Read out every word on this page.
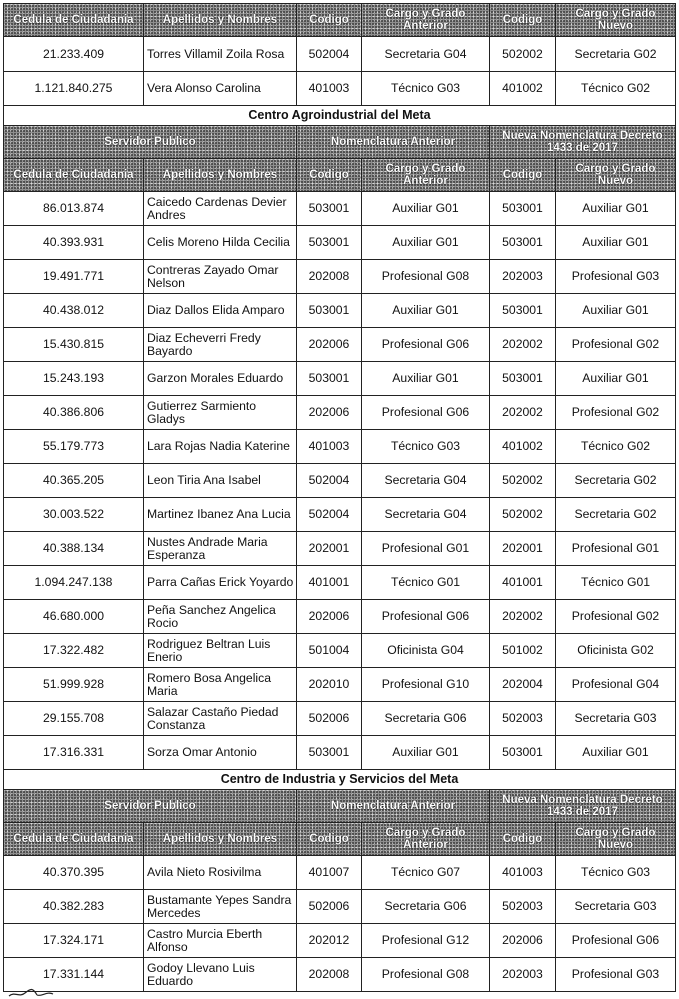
Cedula de Ciudadania	Apellidos y Nombres	Codigo	Cargo y Grado Anterior	Codigo	Cargo y Grado Nuevo
21.233.409	Torres Villamil Zoila Rosa	502004	Secretaria G04	502002	Secretaria G02
1.121.840.275	Vera Alonso Carolina	401003	Técnico G03	401002	Técnico G02
Centro Agroindustrial del Meta					
Servidor Publico		Nomenclatura Anterior		Nueva Nomenclatura Decreto 1433 de 2017	
Cedula de Ciudadania	Apellidos y Nombres	Codigo	Cargo y Grado Anterior	Codigo	Cargo y Grado Nuevo
86.013.874	Caicedo Cardenas Devier Andres	503001	Auxiliar G01	503001	Auxiliar G01
40.393.931	Celis Moreno Hilda Cecilia	503001	Auxiliar G01	503001	Auxiliar G01
19.491.771	Contreras Zayado Omar Nelson	202008	Profesional G08	202003	Profesional G03
40.438.012	Diaz Dallos Elida Amparo	503001	Auxiliar G01	503001	Auxiliar G01
15.430.815	Diaz Echeverri Fredy Bayardo	202006	Profesional G06	202002	Profesional G02
15.243.193	Garzon Morales Eduardo	503001	Auxiliar G01	503001	Auxiliar G01
40.386.806	Gutierrez Sarmiento Gladys	202006	Profesional G06	202002	Profesional G02
55.179.773	Lara Rojas Nadia Katerine	401003	Técnico G03	401002	Técnico G02
40.365.205	Leon Tiria Ana Isabel	502004	Secretaria G04	502002	Secretaria G02
30.003.522	Martinez Ibanez Ana Lucia	502004	Secretaria G04	502002	Secretaria G02
40.388.134	Nustes Andrade Maria Esperanza	202001	Profesional G01	202001	Profesional G01
1.094.247.138	Parra Cañas Erick Yoyardo	401001	Técnico G01	401001	Técnico G01
46.680.000	Peña Sanchez Angelica Rocio	202006	Profesional G06	202002	Profesional G02
17.322.482	Rodriguez Beltran Luis Enerio	501004	Oficinista G04	501002	Oficinista G02
51.999.928	Romero Bosa Angelica Maria	202010	Profesional G10	202004	Profesional G04
29.155.708	Salazar Castaño Piedad Constanza	502006	Secretaria G06	502003	Secretaria G03
17.316.331	Sorza Omar Antonio	503001	Auxiliar G01	503001	Auxiliar G01
Centro de Industria y Servicios del Meta					
Servidor Publico		Nomenclatura Anterior		Nueva Nomenclatura Decreto 1433 de 2017	
Cedula de Ciudadania	Apellidos y Nombres	Codigo	Cargo y Grado Anterior	Codigo	Cargo y Grado Nuevo
40.370.395	Avila Nieto Rosivilma	401007	Técnico G07	401003	Técnico G03
40.382.283	Bustamante Yepes Sandra Mercedes	502006	Secretaria G06	502003	Secretaria G03
17.324.171	Castro Murcia Eberth Alfonso	202012	Profesional G12	202006	Profesional G06
17.331.144	Godoy Llevano Luis Eduardo	202008	Profesional G08	202003	Profesional G03
